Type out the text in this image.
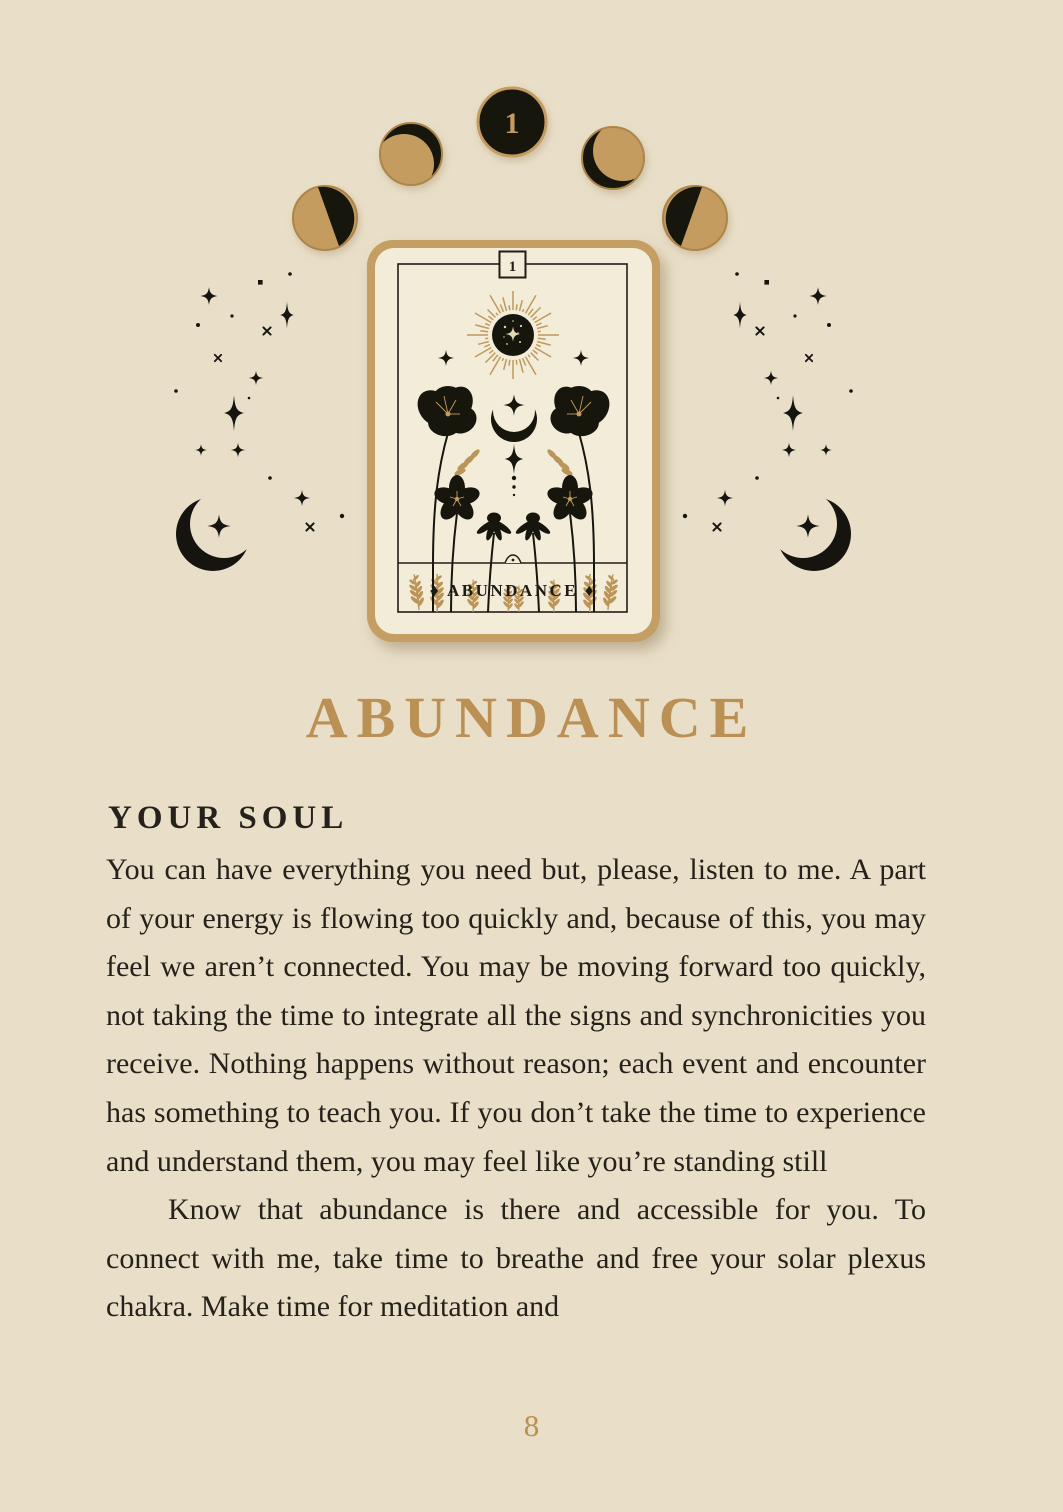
1
1
♦ ABUNDANCE ♦
ABUNDANCE
YOUR SOUL

You can have everything you need but, please, listen to me. A part of your energy is flowing too quickly and, because of this, you may feel we aren’t connected. You may be moving forward too quickly, not taking the time to integrate all the signs and synchronicities you receive. Nothing happens without reason; each event and encounter has something to teach you. If you don’t take the time to experience and understand them, you may feel like you’re standing still

Know that abundance is there and accessible for you. To connect with me, take time to breathe and free your solar plexus chakra. Make time for meditation and

8
